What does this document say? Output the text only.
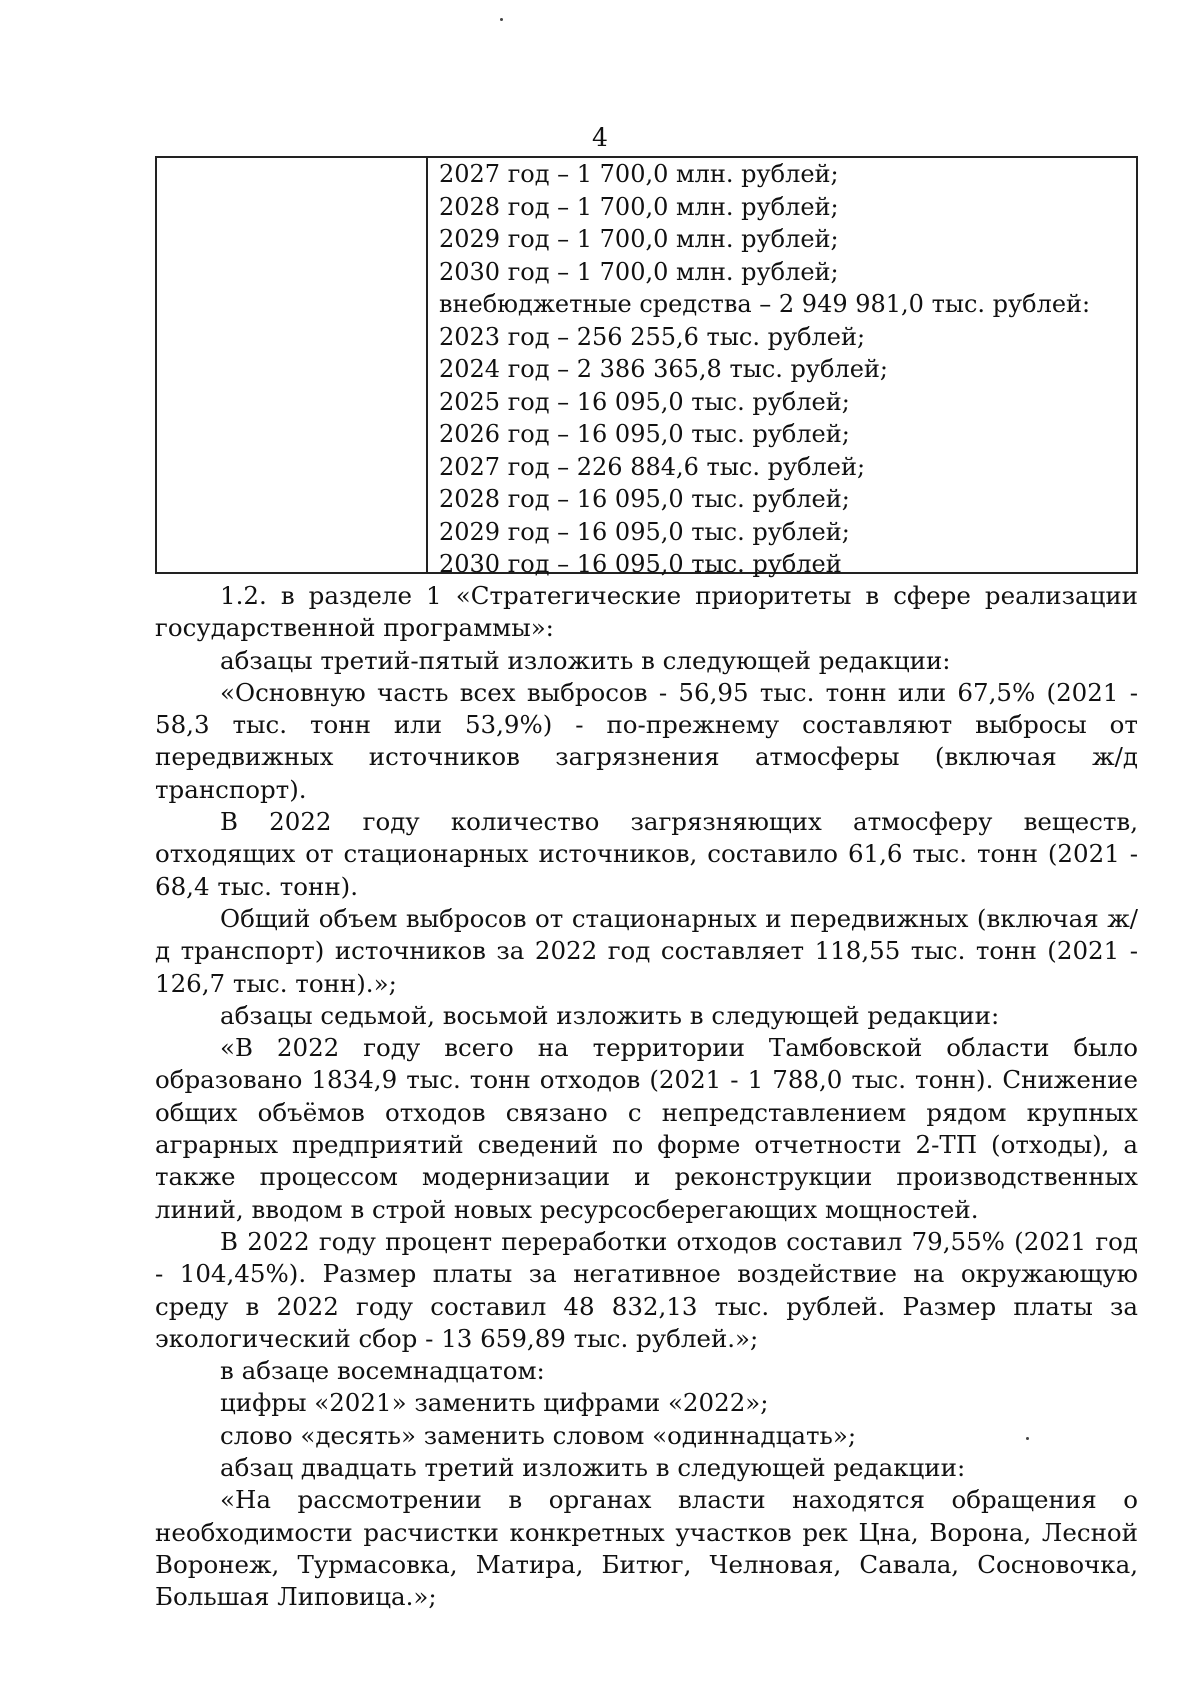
4
2027 год – 1 700,0 млн. рублей;
2028 год – 1 700,0 млн. рублей;
2029 год – 1 700,0 млн. рублей;
2030 год – 1 700,0 млн. рублей;
внебюджетные средства – 2 949 981,0 тыс. рублей:
2023 год – 256 255,6 тыс. рублей;
2024 год – 2 386 365,8 тыс. рублей;
2025 год – 16 095,0 тыс. рублей;
2026 год – 16 095,0 тыс. рублей;
2027 год – 226 884,6 тыс. рублей;
2028 год – 16 095,0 тыс. рублей;
2029 год – 16 095,0 тыс. рублей;
2030 год – 16 095,0 тыс. рублей

1.2. в разделе 1 «Стратегические приоритеты в сфере реализации государственной программы»:

абзацы третий-пятый изложить в следующей редакции:

«Основную часть всех выбросов - 56,95 тыс. тонн или 67,5% (2021 - 58,3 тыс. тонн или 53,9%) - по-прежнему составляют выбросы от передвижных источников загрязнения атмосферы (включая ж/д транспорт).

В 2022 году количество загрязняющих атмосферу веществ, отходящих от стационарных источников, составило 61,6 тыс. тонн (2021 - 68,4 тыс. тонн).

Общий объем выбросов от стационарных и передвижных (включая ж/д транспорт) источников за 2022 год составляет 118,55 тыс. тонн (2021 - 126,7 тыс. тонн).»;

абзацы седьмой, восьмой изложить в следующей редакции:

«В 2022 году всего на территории Тамбовской области было образовано 1834,9 тыс. тонн отходов (2021 - 1 788,0 тыс. тонн). Снижение общих объёмов отходов связано с непредставлением рядом крупных аграрных предприятий сведений по форме отчетности 2-ТП (отходы), а также процессом модернизации и реконструкции производственных линий, вводом в строй новых ресурсосберегающих мощностей.

В 2022 году процент переработки отходов составил 79,55% (2021 год - 104,45%). Размер платы за негативное воздействие на окружающую среду в 2022 году составил 48 832,13 тыс. рублей. Размер платы за экологический сбор - 13 659,89 тыс. рублей.»;

в абзаце восемнадцатом:

цифры «2021» заменить цифрами «2022»;

слово «десять» заменить словом «одиннадцать»;

абзац двадцать третий изложить в следующей редакции:

«На рассмотрении в органах власти находятся обращения о необходимости расчистки конкретных участков рек Цна, Ворона, Лесной Воронеж, Турмасовка, Матира, Битюг, Челновая, Савала, Сосновочка, Большая Липовица.»;
